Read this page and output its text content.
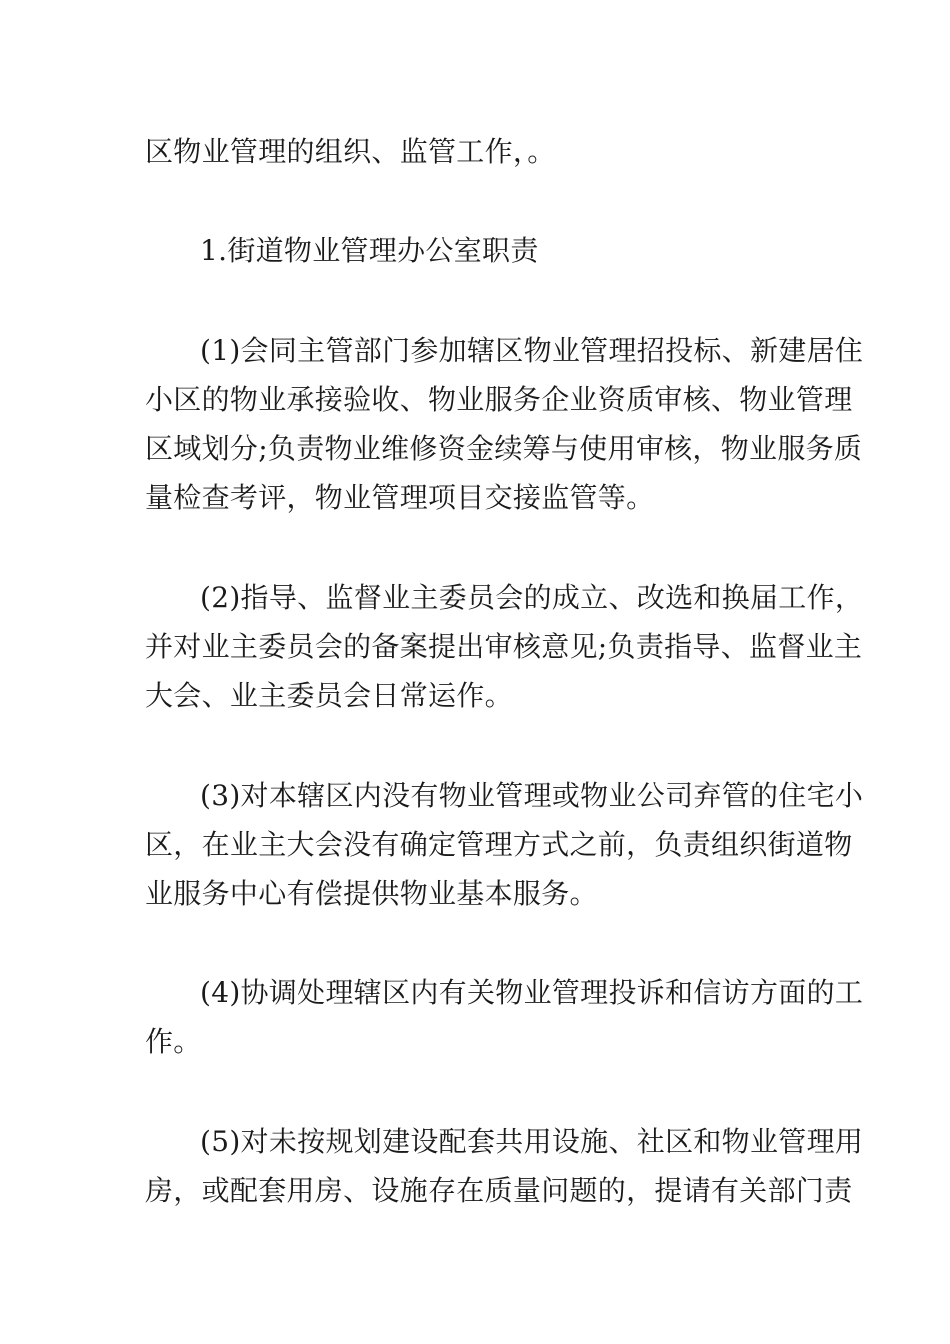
区物业管理的组织、监管工作，。
1.街道物业管理办公室职责
(1)会同主管部门参加辖区物业管理招投标、新建居住
小区的物业承接验收、物业服务企业资质审核、物业管理
区域划分;负责物业维修资金续筹与使用审核，物业服务质
量检查考评，物业管理项目交接监管等。
(2)指导、监督业主委员会的成立、改选和换届工作，
并对业主委员会的备案提出审核意见;负责指导、监督业主
大会、业主委员会日常运作。
(3)对本辖区内没有物业管理或物业公司弃管的住宅小
区，在业主大会没有确定管理方式之前，负责组织街道物
业服务中心有偿提供物业基本服务。
(4)协调处理辖区内有关物业管理投诉和信访方面的工
作。
(5)对未按规划建设配套共用设施、社区和物业管理用
房，或配套用房、设施存在质量问题的，提请有关部门责
